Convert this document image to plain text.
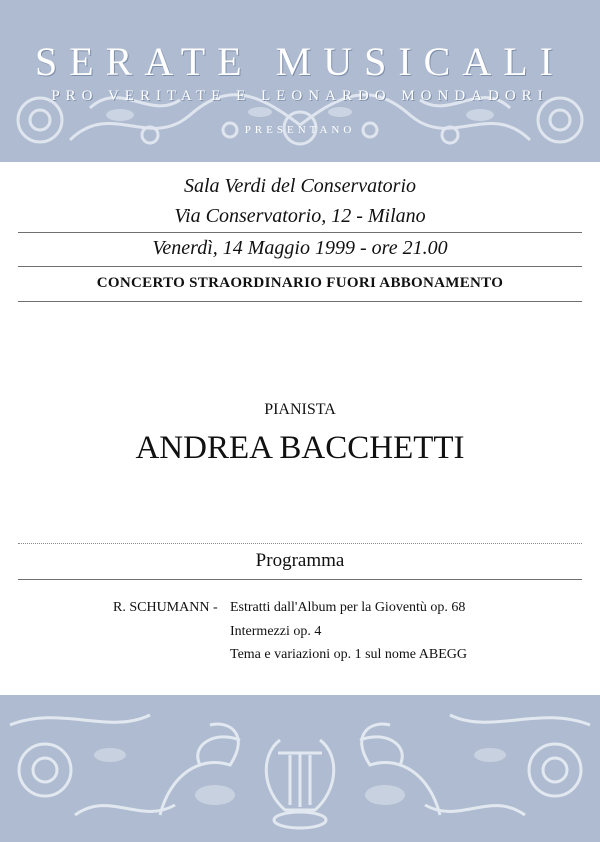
SERATE MUSICALI
PRO VERITATE E LEONARDO MONDADORI
PRESENTANO
Sala Verdi del Conservatorio
Via Conservatorio, 12 - Milano
Venerdì, 14 Maggio 1999 - ore 21.00
CONCERTO STRAORDINARIO FUORI ABBONAMENTO
PIANISTA
ANDREA BACCHETTI
Programma
R. SCHUMANN - Estratti dall'Album per la Gioventù op. 68
Intermezzi op. 4
Tema e variazioni op. 1 sul nome ABEGG
